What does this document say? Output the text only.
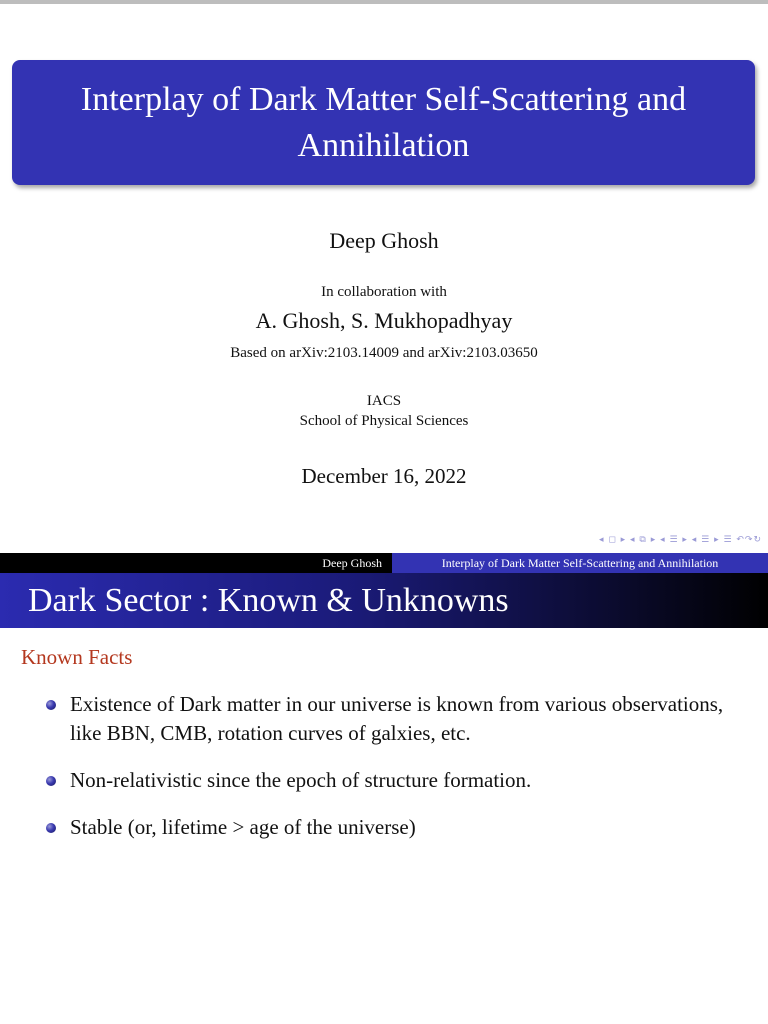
Interplay of Dark Matter Self-Scattering and Annihilation
Deep Ghosh
In collaboration with
A. Ghosh, S. Mukhopadhyay
Based on arXiv:2103.14009 and arXiv:2103.03650
IACS
School of Physical Sciences
December 16, 2022
◂ ◻ ▸ ◂ ⧉ ▸ ◂ ☰ ▸ ◂ ☰ ▸ ☰ ↶↷↻
Deep Ghosh	Interplay of Dark Matter Self-Scattering and Annihilation
Dark Sector : Known & Unknowns
Known Facts
Existence of Dark matter in our universe is known from various observations, like BBN, CMB, rotation curves of galxies, etc.
Non-relativistic since the epoch of structure formation.
Stable (or, lifetime > age of the universe)
